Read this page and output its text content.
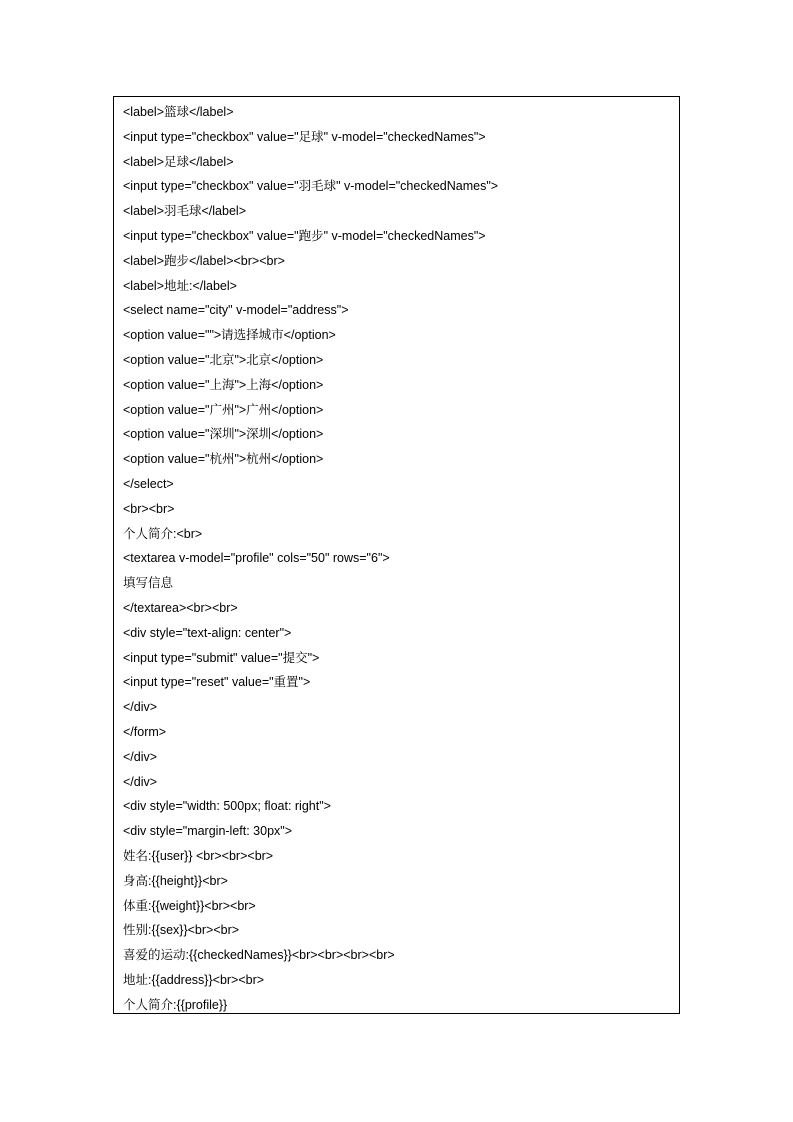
<label>篮球</label>
<input type="checkbox" value="足球" v-model="checkedNames">
<label>足球</label>
<input type="checkbox" value="羽毛球" v-model="checkedNames">
<label>羽毛球</label>
<input type="checkbox" value="跑步" v-model="checkedNames">
<label>跑步</label><br><br>
<label>地址:</label>
<select name="city" v-model="address">
<option value="">请选择城市</option>
<option value="北京">北京</option>
<option value="上海">上海</option>
<option value="广州">广州</option>
<option value="深圳">深圳</option>
<option value="杭州">杭州</option>
</select>
<br><br>
个人简介:<br>
<textarea v-model="profile" cols="50" rows="6">
填写信息
</textarea><br><br>
<div style="text-align: center">
<input type="submit" value="提交">
<input type="reset" value="重置">
</div>
</form>
</div>
</div>
<div style="width: 500px; float: right">
<div style="margin-left: 30px">
姓名:{{user}} <br><br><br>
身高:{{height}}<br>
体重:{{weight}}<br><br>
性别:{{sex}}<br><br>
喜爱的运动:{{checkedNames}}<br><br><br><br>
地址:{{address}}<br><br>
个人简介:{{profile}}
